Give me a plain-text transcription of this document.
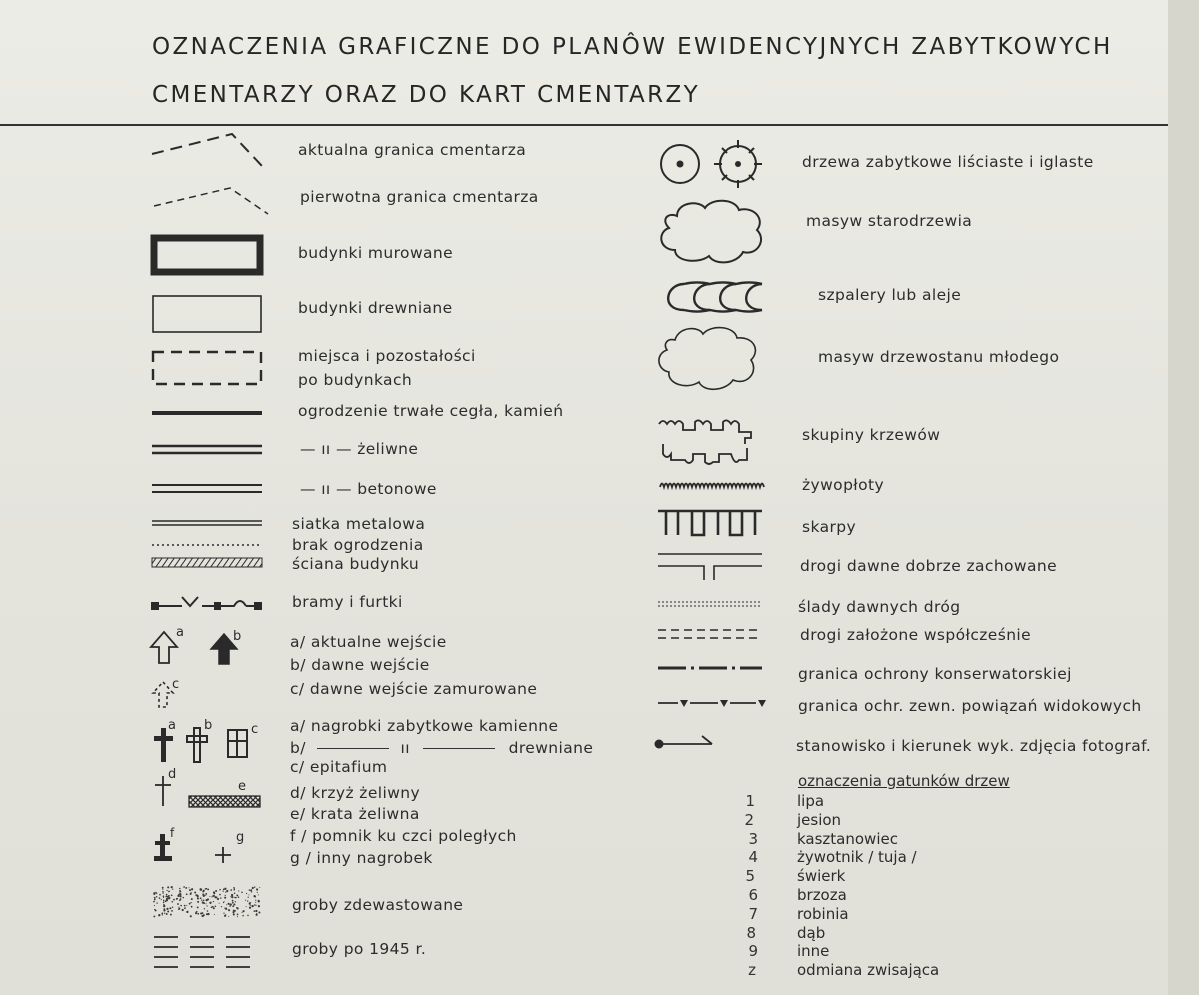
OZNACZENIA GRAFICZNE DO PLANÔW EWIDENCYJNYCH ZABYTKOWYCH
CMENTARZY ORAZ DO KART CMENTARZY
aktualna granica cmentarza
pierwotna granica cmentarza
budynki murowane
budynki drewniane
miejsca i pozostałości
po budynkach
ogrodzenie trwałe cegła, kamień
— ıı — żeliwne
— ıı — betonowe
siatka metalowa
brak ogrodzenia
ściana budynku
bramy i furtki
a	b
c
a/ aktualne wejście
b/ dawne wejście
c/ dawne wejście zamurowane
a b	c a/ nagrobki zabytkowe kamienne
b/	ıı	drewniane
c/ epitafium
d
e	d/ krzyż żeliwny
e/ krata żeliwna
f	g	f / pomnik ku czci poległych
g / inny nagrobek
groby zdewastowane
groby po 1945 r.
drzewa zabytkowe liściaste i iglaste
masyw starodrzewia
szpalery lub aleje
masyw drzewostanu młodego
skupiny krzewów
żywopłoty
skarpy
drogi dawne dobrze zachowane
ślady dawnych dróg
drogi założone współcześnie
granica ochrony konserwatorskiej
granica ochr. zewn. powiązań widokowych
stanowisko i kierunek wyk. zdjęcia fotograf.
oznaczenia gatunków drzew
1	lipa
2	jesion
3	kasztanowiec
4	żywotnik / tuja /
5	świerk
6	brzoza
7	robinia
8	dąb
9	inne
z	odmiana zwisająca
